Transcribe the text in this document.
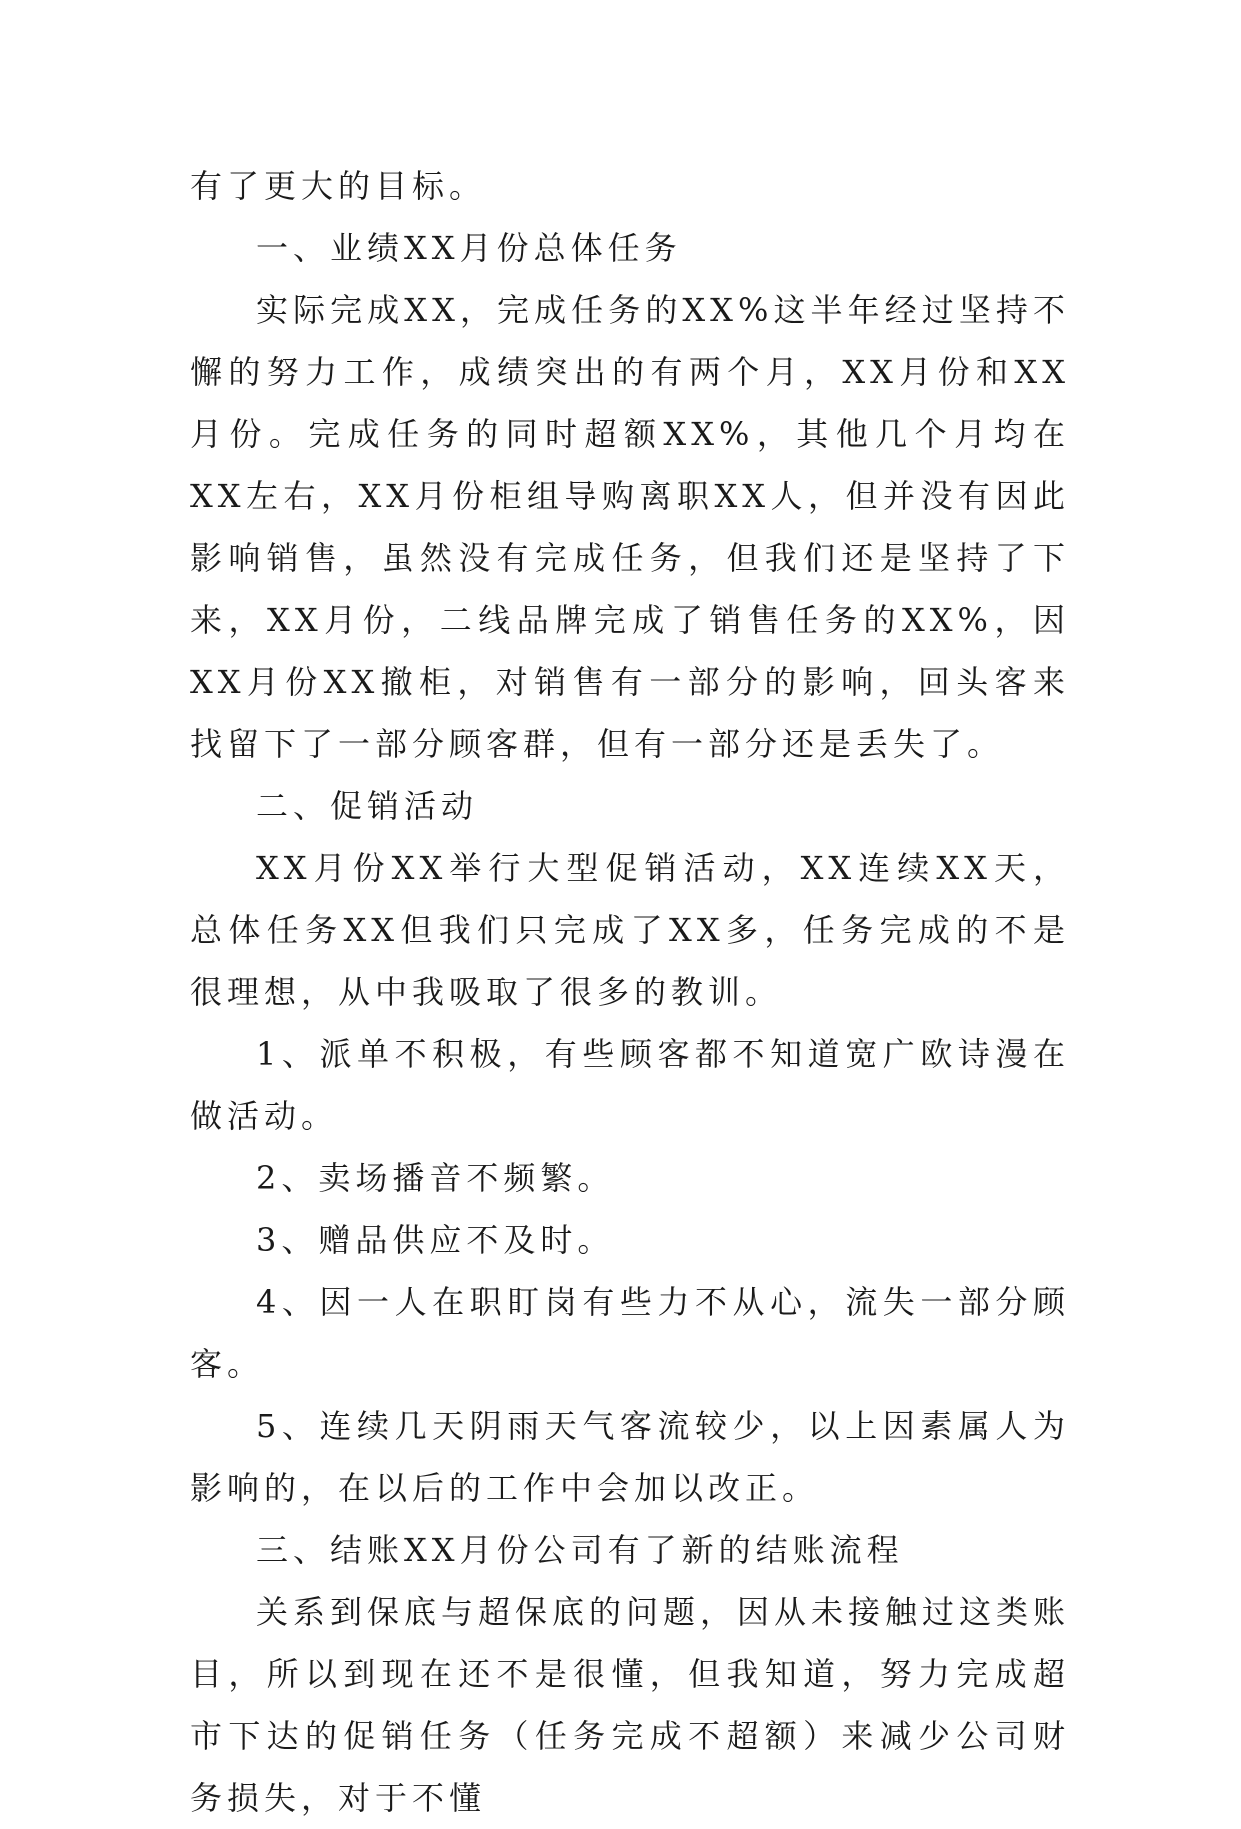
有了更大的目标。

一、业绩XX月份总体任务

实际完成XX，完成任务的XX%这半年经过坚持不懈的努力工作，成绩突出的有两个月，XX月份和XX月份。完成任务的同时超额XX%，其他几个月均在XX左右，XX月份柜组导购离职XX人，但并没有因此影响销售，虽然没有完成任务，但我们还是坚持了下来，XX月份，二线品牌完成了销售任务的XX%，因XX月份XX撤柜，对销售有一部分的影响，回头客来找留下了一部分顾客群，但有一部分还是丢失了。

二、促销活动

XX月份XX举行大型促销活动，XX连续XX天，总体任务XX但我们只完成了XX多，任务完成的不是很理想，从中我吸取了很多的教训。

1、派单不积极，有些顾客都不知道宽广欧诗漫在做活动。

2、卖场播音不频繁。

3、赠品供应不及时。

4、因一人在职盯岗有些力不从心，流失一部分顾客。

5、连续几天阴雨天气客流较少，以上因素属人为影响的，在以后的工作中会加以改正。

三、结账XX月份公司有了新的结账流程

关系到保底与超保底的问题，因从未接触过这类账目，所以到现在还不是很懂，但我知道，努力完成超市下达的促销任务（任务完成不超额）来减少公司财务损失，对于不懂
